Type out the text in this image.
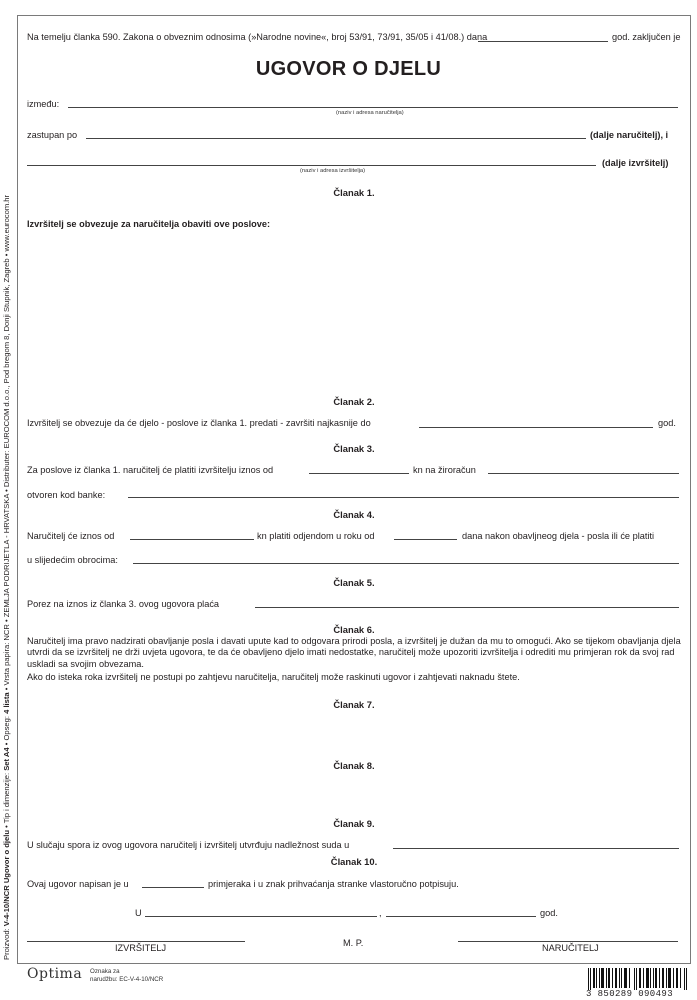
Proizvod: V-4-10/NCR Ugovor o djelu • Tip i dimenzije: Set A4 • Opseg: 4 lista • Vrsta papira: NCR • ZEMLJA PODRIJETLA - HRVATSKA • Distributer: EUROCOM d.o.o., Pod bregom 8, Donji Stupnik, Zagreb • www.eurocom.hr
Na temelju članka 590. Zakona o obveznim odnosima (»Narodne novine«, broj 53/91, 73/91, 35/05 i 41/08.) dana	god. zaključen je
UGOVOR O DJELU
između:
(naziv i adresa naručitelja)
zastupan po	(dalje naručitelj), i
(dalje izvršitelj)
(naziv i adresa izvršitelja)
Članak 1.
Izvršitelj se obvezuje za naručitelja obaviti ove poslove:
Članak 2.
Izvršitelj se obvezuje da će djelo - poslove iz članka 1. predati - završiti najkasnije do	god.
Članak 3.
Za poslove iz članka 1. naručitelj će platiti izvršitelju iznos od	kn na žiroračun
otvoren kod banke:
Članak 4.
Naručitelj će iznos od	kn platiti odjendom u roku od	dana nakon obavljneog djela - posla ili će platiti
u slijedećim obrocima:
Članak 5.
Porez na iznos iz članka 3. ovog ugovora plaća
Članak 6.
Naručitelj ima pravo nadzirati obavljanje posla i davati upute kad to odgovara prirodi posla, a izvršitelj je dužan da mu to omogući. Ako se tijekom obavljanja djela utvrdi da se izvršitelj ne drži uvjeta ugovora, te da će obavljeno djelo imati nedostatke, naručitelj može upozoriti izvršitelja i odrediti mu primjeran rok da svoj rad uskladi sa svojim obvezama.
Ako do isteka roka izvršitelj ne postupi po zahtjevu naručitelja, naručitelj može raskinuti ugovor i zahtjevati naknadu štete.
Članak 7.
Članak 8.
Članak 9.
U slučaju spora iz ovog ugovora naručitelj i izvršitelj utvrđuju nadležnost suda u
Članak 10.
Ovaj ugovor napisan je u	primjeraka i u znak prihvaćanja stranke vlastoručno potpisuju.
U	,	god.
IZVRŠITELJ	M. P.	NARUČITELJ
Optima Oznaka za
narudžbu: EC-V-4-10/NCR
3 850289 090493
